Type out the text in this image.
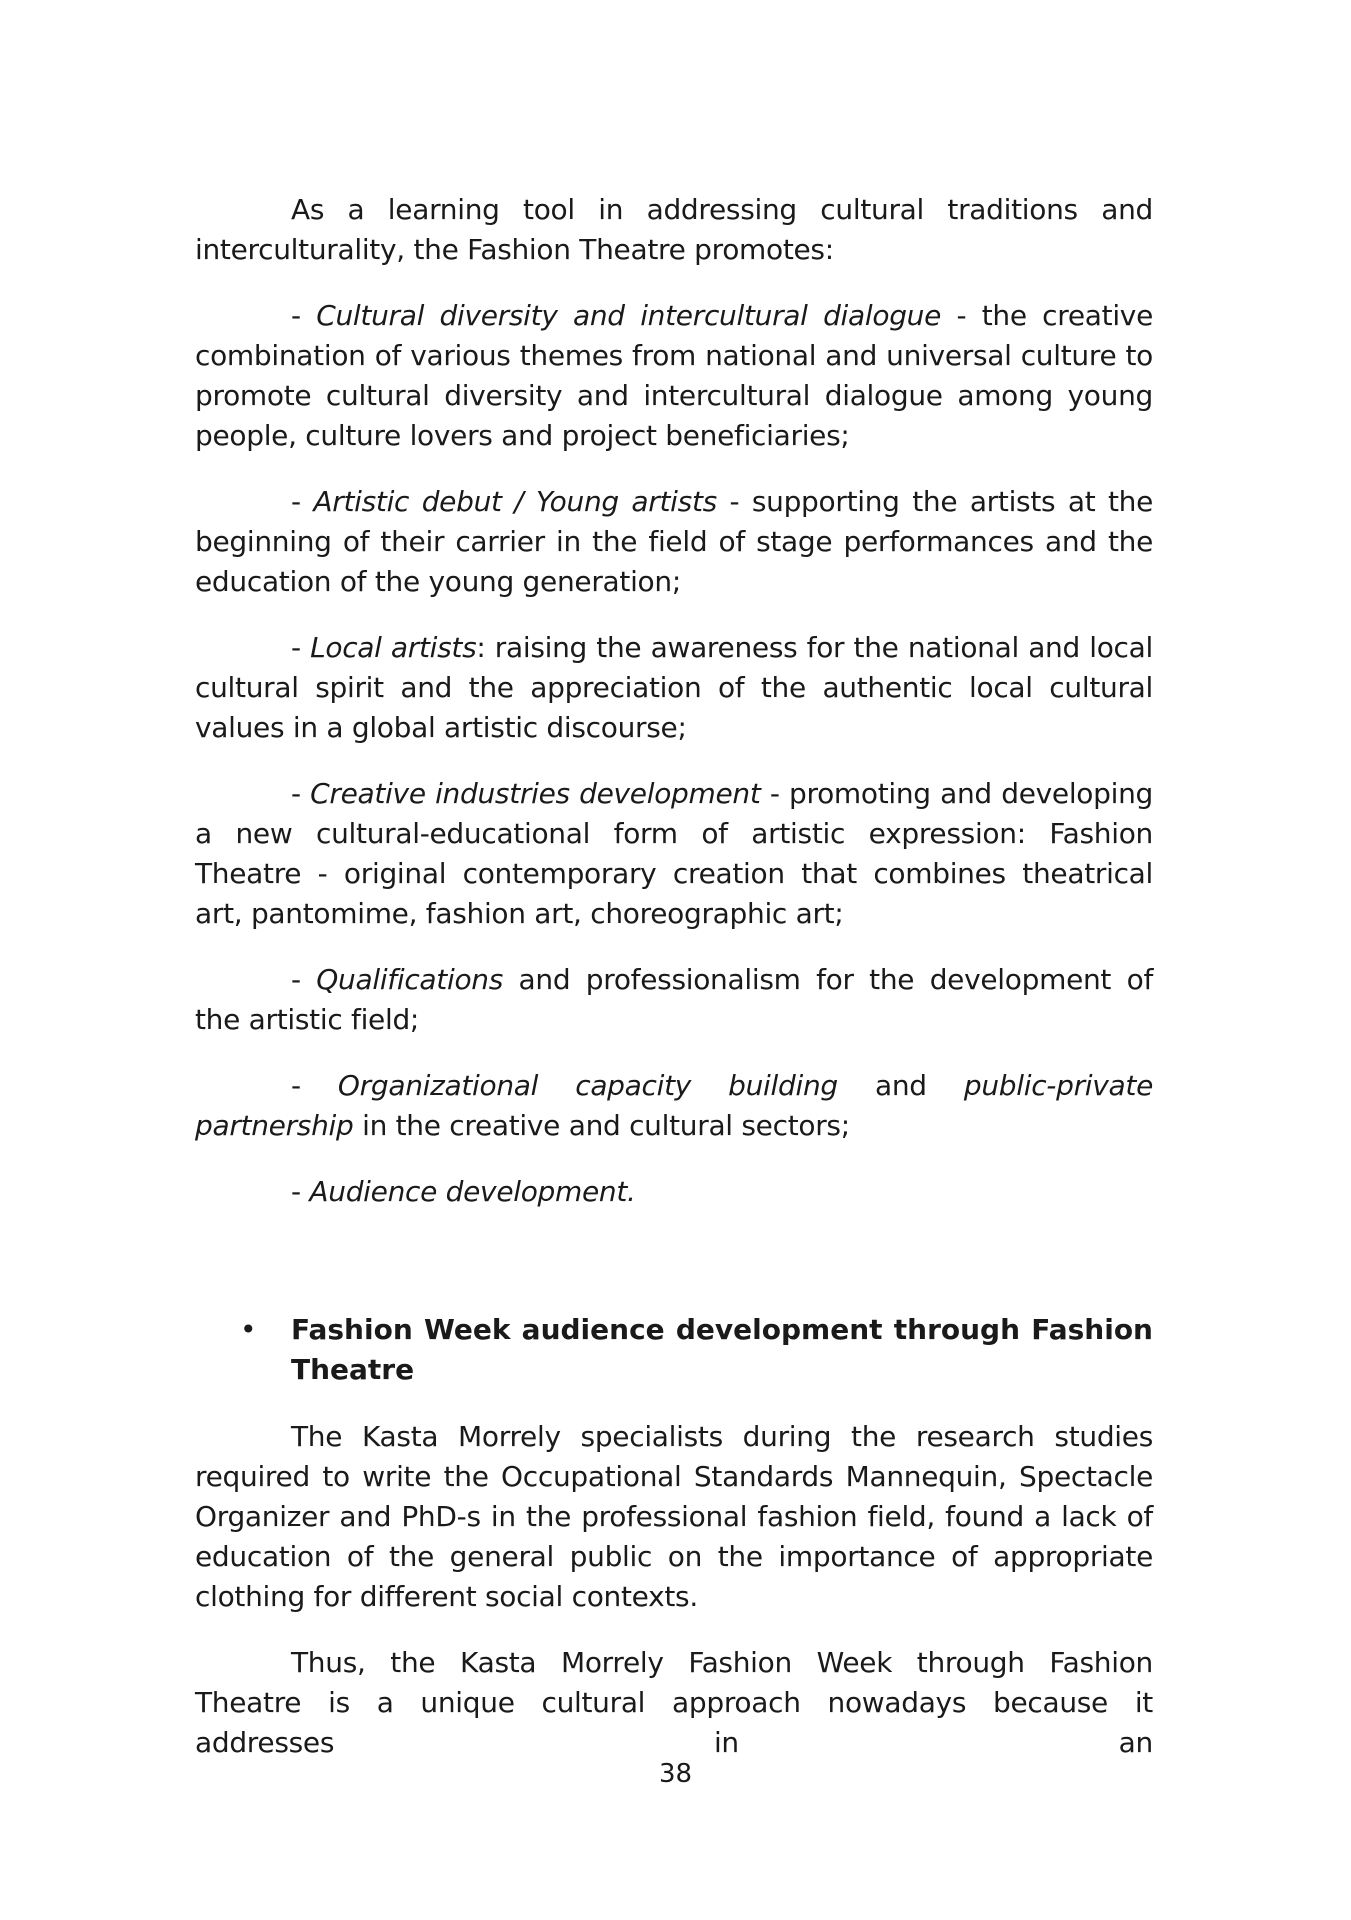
As a learning tool in addressing cultural traditions and interculturality, the Fashion Theatre promotes:

- Cultural diversity and intercultural dialogue - the creative combination of various themes from national and universal culture to promote cultural diversity and intercultural dialogue among young people, culture lovers and project beneficiaries;

- Artistic debut / Young artists - supporting the artists at the beginning of their carrier in the field of stage performances and the education of the young generation;

- Local artists: raising the awareness for the national and local cultural spirit and the appreciation of the authentic local cultural values in a global artistic discourse;

- Creative industries development - promoting and developing a new cultural-educational form of artistic expression: Fashion Theatre - original contemporary creation that combines theatrical art, pantomime, fashion art, choreographic art;

- Qualifications and professionalism for the development of the artistic field;

- Organizational capacity building and public-private partnership in the creative and cultural sectors;

- Audience development.

• Fashion Week audience development through Fashion Theatre

The Kasta Morrely specialists during the research studies required to write the Occupational Standards Mannequin, Spectacle Organizer and PhD-s in the professional fashion field, found a lack of education of the general public on the importance of appropriate clothing for different social contexts.

Thus, the Kasta Morrely Fashion Week through Fashion Theatre is a unique cultural approach nowadays because it addresses in an

38
